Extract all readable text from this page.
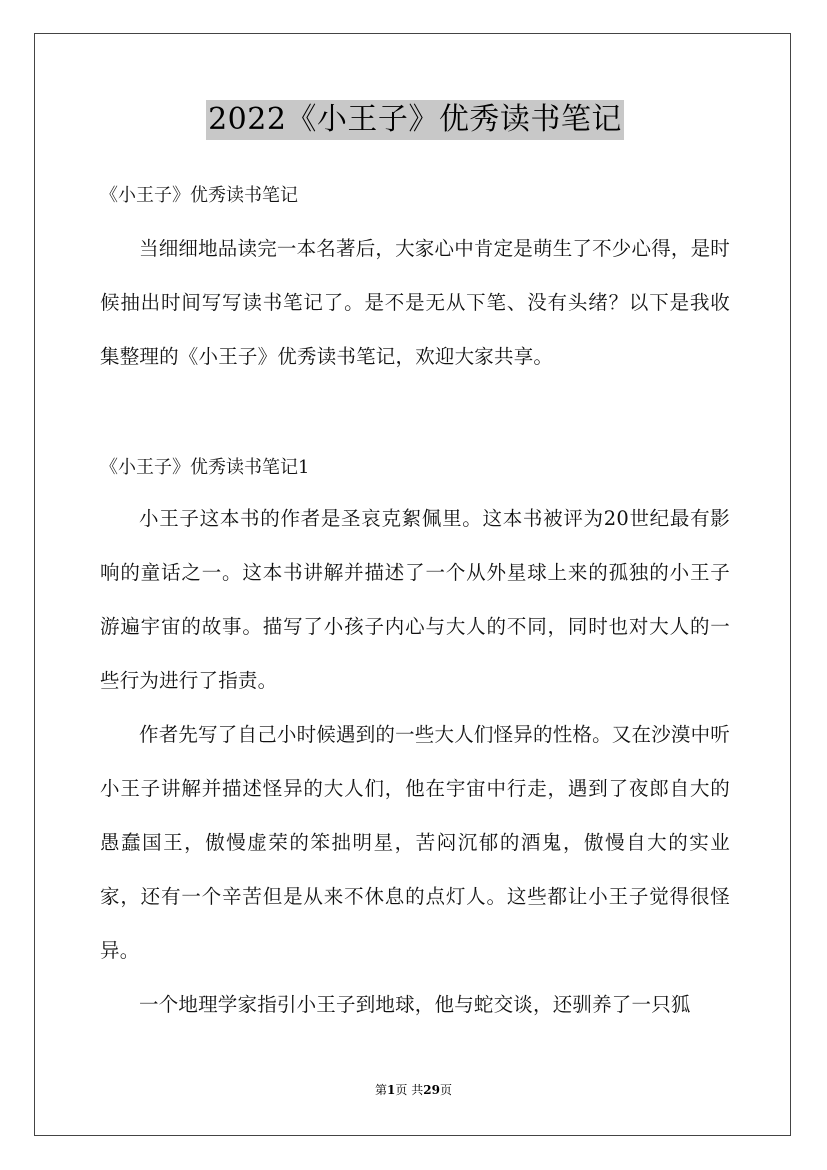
2022《小王子》优秀读书笔记
《小王子》优秀读书笔记
当细细地品读完一本名著后，大家心中肯定是萌生了不少心得，是时候抽出时间写写读书笔记了。是不是无从下笔、没有头绪？以下是我收集整理的《小王子》优秀读书笔记，欢迎大家共享。
《小王子》优秀读书笔记1
小王子这本书的作者是圣哀克絮佩里。这本书被评为20世纪最有影响的童话之一。这本书讲解并描述了一个从外星球上来的孤独的小王子游遍宇宙的故事。描写了小孩子内心与大人的不同，同时也对大人的一些行为进行了指责。
作者先写了自己小时候遇到的一些大人们怪异的性格。又在沙漠中听小王子讲解并描述怪异的大人们，他在宇宙中行走，遇到了夜郎自大的愚蠢国王，傲慢虚荣的笨拙明星，苦闷沉郁的酒鬼，傲慢自大的实业家，还有一个辛苦但是从来不休息的点灯人。这些都让小王子觉得很怪异。
一个地理学家指引小王子到地球，他与蛇交谈，还驯养了一只狐
第1页 共29页
